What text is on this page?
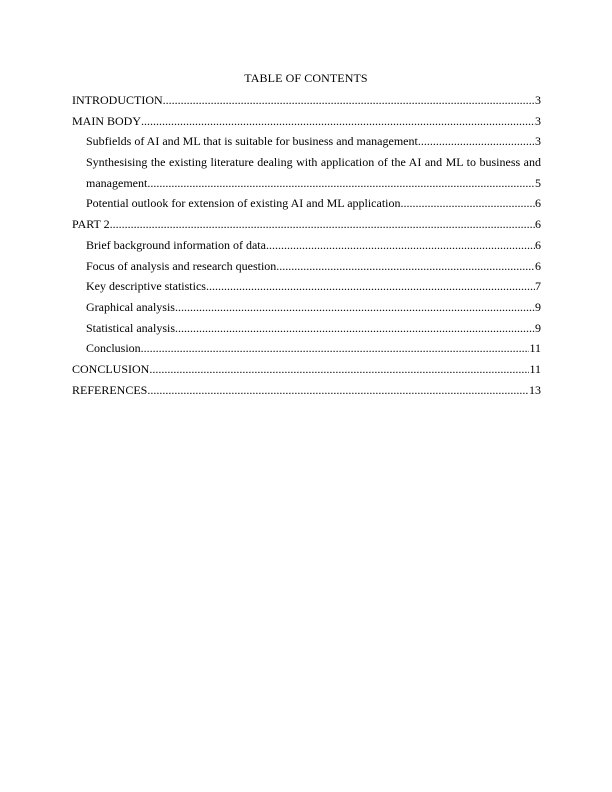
TABLE OF CONTENTS
INTRODUCTION .....	3
MAIN BODY .....	3
Subfields of AI and ML that is suitable for business and management .....	3
Synthesising the existing literature dealing with application of the AI and ML to business and
management .....	5
Potential outlook for extension of existing AI and ML application .....	6
PART 2 .....	6
Brief background information of data .....	6
Focus of analysis and research question .....	6
Key descriptive statistics .....	7
Graphical analysis .....	9
Statistical analysis .....	9
Conclusion .....	11
CONCLUSION .....	11
REFERENCES .....	13
